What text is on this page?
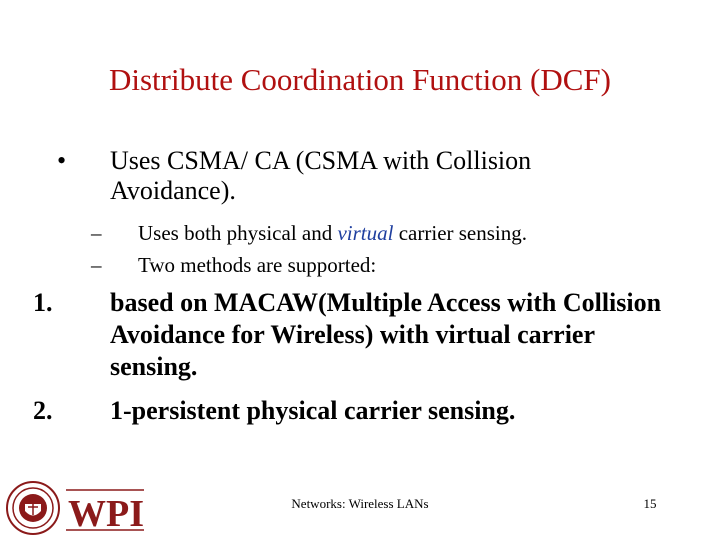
Distribute Coordination Function (DCF)
• Uses CSMA/ CA (CSMA with Collision Avoidance).
– Uses both physical and virtual carrier sensing.
– Two methods are supported:
1. based on MACAW(Multiple Access with Collision Avoidance for Wireless) with virtual carrier sensing.
2. 1-persistent physical carrier sensing.
WPI	Networks: Wireless LANs	15
